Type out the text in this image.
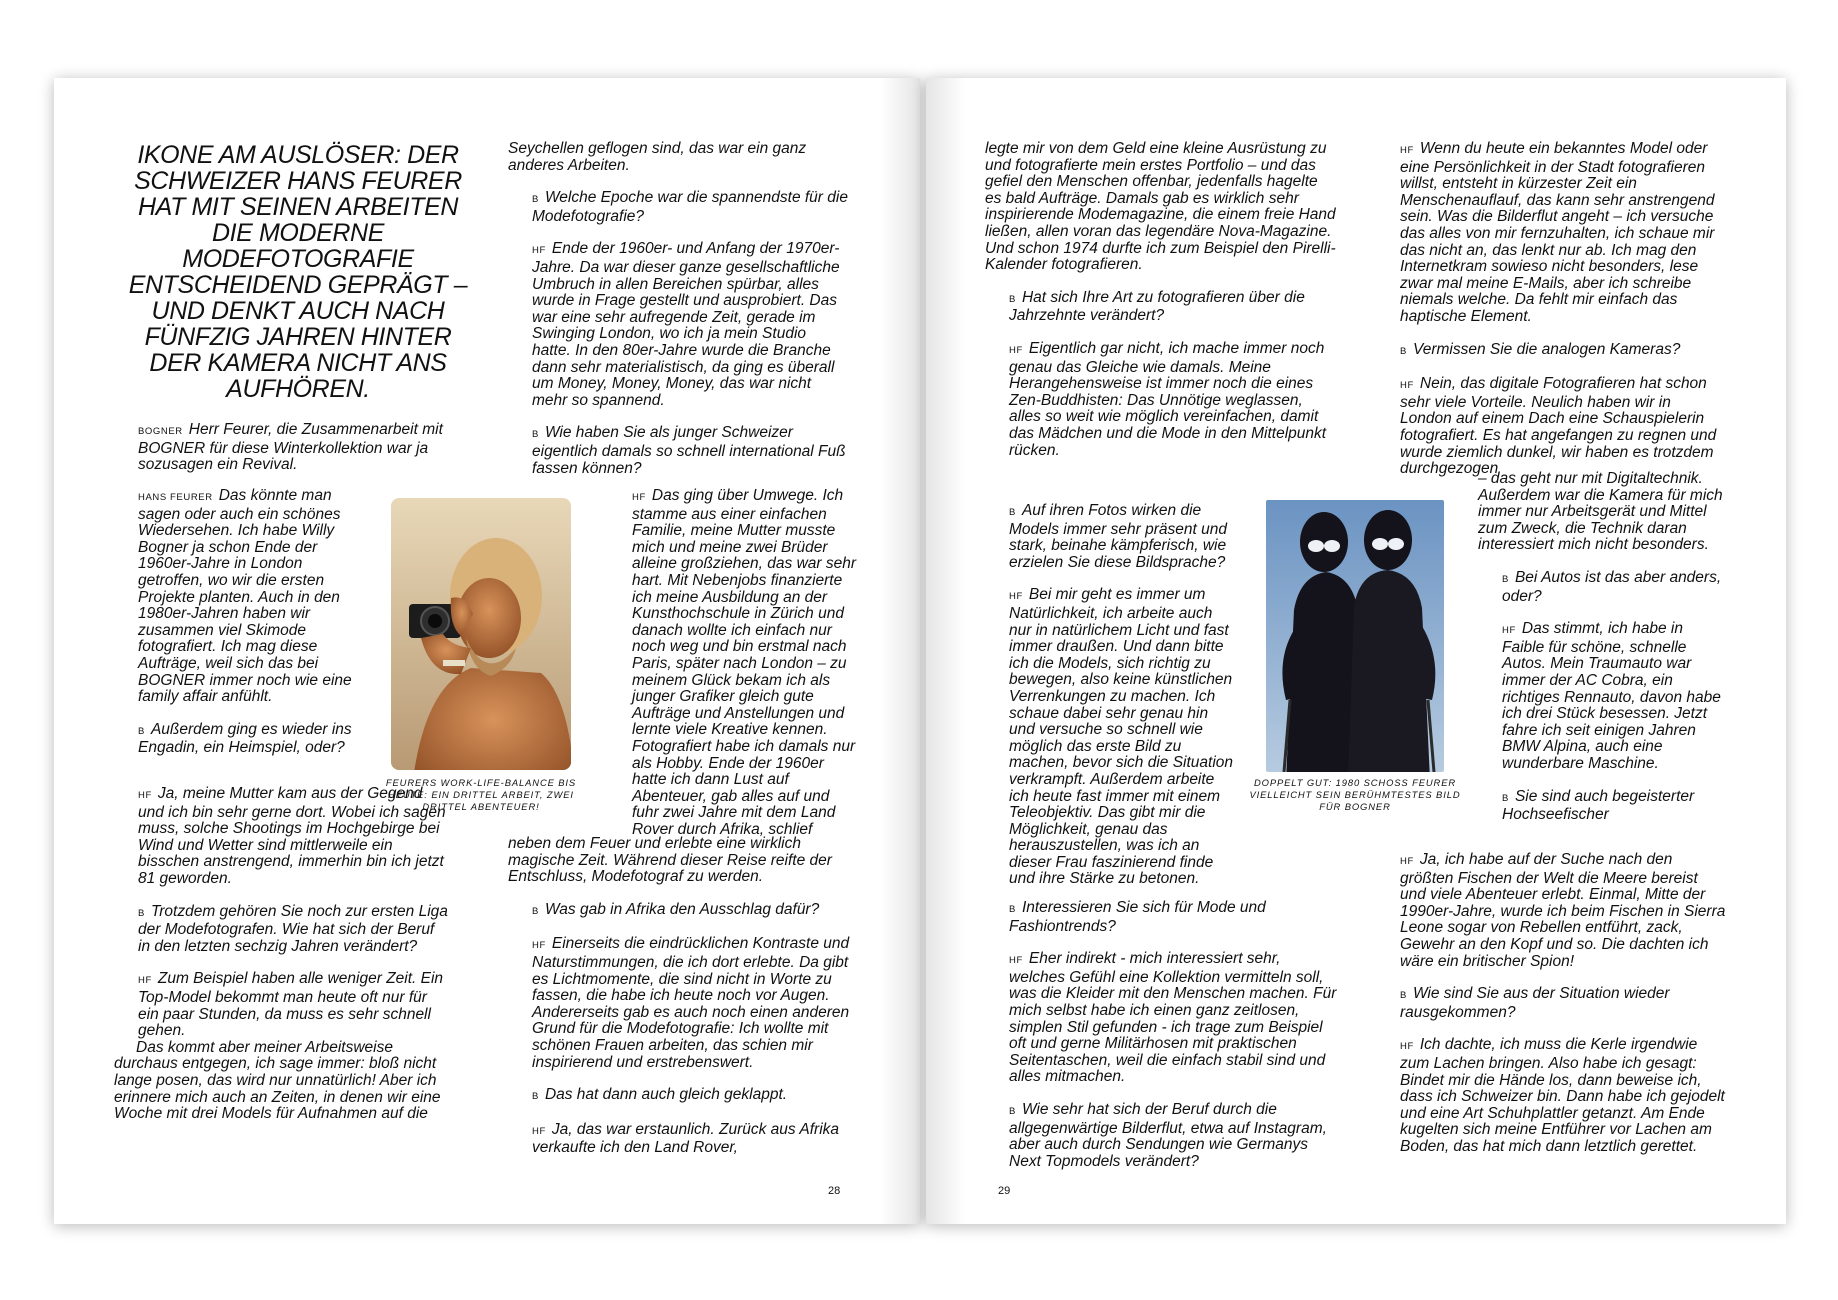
IKONE AM AUSLÖSER: DER SCHWEIZER HANS FEURER HAT MIT SEINEN ARBEITEN DIE MODERNE MODEFOTOGRAFIE ENTSCHEIDEND GEPRÄGT – UND DENKT AUCH NACH FÜNFZIG JAHREN HINTER DER KAMERA NICHT ANS AUFHÖREN.

BOGNER Herr Feurer, die Zusammenarbeit mit BOGNER für diese Winterkollektion war ja sozusagen ein Revival.

HANS FEURER Das könnte man sagen oder auch ein schönes Wiedersehen. Ich habe Willy Bogner ja schon Ende der 1960er-Jahre in London getroffen, wo wir die ersten Projekte planten. Auch in den 1980er-Jahren haben wir zusammen viel Skimode fotografiert. Ich mag diese Aufträge, weil sich das bei BOGNER immer noch wie eine family affair anfühlt.

B Außerdem ging es wieder ins Engadin, ein Heimspiel, oder?

HF Ja, meine Mutter kam aus der Gegend und ich bin sehr gerne dort. Wobei ich sagen muss, solche Shootings im Hochgebirge bei Wind und Wetter sind mittlerweile ein bisschen anstrengend, immerhin bin ich jetzt 81 geworden.

B Trotzdem gehören Sie noch zur ersten Liga der Modefotografen. Wie hat sich der Beruf in den letzten sechzig Jahren verändert?

HF Zum Beispiel haben alle weniger Zeit. Ein Top-Model bekommt man heute oft nur für ein paar Stunden, da muss es sehr schnell gehen.

Das kommt aber meiner Arbeitsweise durchaus entgegen, ich sage immer: bloß nicht lange posen, das wird nur unnatürlich! Aber ich erinnere mich auch an Zeiten, in denen wir eine Woche mit drei Models für Aufnahmen auf die

FEURERS WORK-LIFE-BALANCE BIS HEUTE: EIN DRITTEL ARBEIT, ZWEI DRITTEL ABENTEUER!

Seychellen geflogen sind, das war ein ganz anderes Arbeiten.

B Welche Epoche war die spannendste für die Modefotografie?

HF Ende der 1960er- und Anfang der 1970er-Jahre. Da war dieser ganze gesellschaftliche Umbruch in allen Bereichen spürbar, alles wurde in Frage gestellt und ausprobiert. Das war eine sehr aufregende Zeit, gerade im Swinging London, wo ich ja mein Studio hatte. In den 80er-Jahre wurde die Branche dann sehr materialistisch, da ging es überall um Money, Money, Money, das war nicht mehr so spannend.

B Wie haben Sie als junger Schweizer eigentlich damals so schnell international Fuß fassen können?

HF Das ging über Umwege. Ich stamme aus einer einfachen Familie, meine Mutter musste mich und meine zwei Brüder alleine großziehen, das war sehr hart. Mit Nebenjobs finanzierte ich meine Ausbildung an der Kunsthochschule in Zürich und danach wollte ich einfach nur noch weg und bin erstmal nach Paris, später nach London – zu meinem Glück bekam ich als junger Grafiker gleich gute Aufträge und Anstellungen und lernte viele Kreative kennen. Fotografiert habe ich damals nur als Hobby. Ende der 1960er hatte ich dann Lust auf Abenteuer, gab alles auf und fuhr zwei Jahre mit dem Land Rover durch Afrika, schlief

neben dem Feuer und erlebte eine wirklich magische Zeit. Während dieser Reise reifte der Entschluss, Modefotograf zu werden.

B Was gab in Afrika den Ausschlag dafür?

HF Einerseits die eindrücklichen Kontraste und Naturstimmungen, die ich dort erlebte. Da gibt es Lichtmomente, die sind nicht in Worte zu fassen, die habe ich heute noch vor Augen. Andererseits gab es auch noch einen anderen Grund für die Modefotografie: Ich wollte mit schönen Frauen arbeiten, das schien mir inspirierend und erstrebenswert.

B Das hat dann auch gleich geklappt.

HF Ja, das war erstaunlich. Zurück aus Afrika verkaufte ich den Land Rover,

28

legte mir von dem Geld eine kleine Ausrüstung zu und fotografierte mein erstes Portfolio – und das gefiel den Menschen offenbar, jedenfalls hagelte es bald Aufträge. Damals gab es wirklich sehr inspirierende Modemagazine, die einem freie Hand ließen, allen voran das legendäre Nova-Magazine. Und schon 1974 durfte ich zum Beispiel den Pirelli-Kalender fotografieren.

B Hat sich Ihre Art zu fotografieren über die Jahrzehnte verändert?

HF Eigentlich gar nicht, ich mache immer noch genau das Gleiche wie damals. Meine Herangehensweise ist immer noch die eines Zen-Buddhisten: Das Unnötige weglassen, alles so weit wie möglich vereinfachen, damit das Mädchen und die Mode in den Mittelpunkt rücken.

B Auf ihren Fotos wirken die Models immer sehr präsent und stark, beinahe kämpferisch, wie erzielen Sie diese Bildsprache?

HF Bei mir geht es immer um Natürlichkeit, ich arbeite auch nur in natürlichem Licht und fast immer draußen. Und dann bitte ich die Models, sich richtig zu bewegen, also keine künstlichen Verrenkungen zu machen. Ich schaue dabei sehr genau hin und versuche so schnell wie möglich das erste Bild zu machen, bevor sich die Situation verkrampft. Außerdem arbeite ich heute fast immer mit einem Teleobjektiv. Das gibt mir die Möglichkeit, genau das herauszustellen, was ich an dieser Frau faszinierend finde und ihre Stärke zu betonen.

B Interessieren Sie sich für Mode und Fashiontrends?

HF Eher indirekt - mich interessiert sehr, welches Gefühl eine Kollektion vermitteln soll, was die Kleider mit den Menschen machen. Für mich selbst habe ich einen ganz zeitlosen, simplen Stil gefunden - ich trage zum Beispiel oft und gerne Militärhosen mit praktischen Seitentaschen, weil die einfach stabil sind und alles mitmachen.

B Wie sehr hat sich der Beruf durch die allgegenwärtige Bilderflut, etwa auf Instagram, aber auch durch Sendungen wie Germanys Next Topmodels verändert?

DOPPELT GUT: 1980 SCHOSS FEURER VIELLEICHT SEIN BERÜHMTESTES BILD FÜR BOGNER

HF Wenn du heute ein bekanntes Model oder eine Persönlichkeit in der Stadt fotografieren willst, entsteht in kürzester Zeit ein Menschenauflauf, das kann sehr anstrengend sein. Was die Bilderflut angeht – ich versuche das alles von mir fernzuhalten, ich schaue mir das nicht an, das lenkt nur ab. Ich mag den Internetkram sowieso nicht besonders, lese zwar mal meine E-Mails, aber ich schreibe niemals welche. Da fehlt mir einfach das haptische Element.

B Vermissen Sie die analogen Kameras?

HF Nein, das digitale Fotografieren hat schon sehr viele Vorteile. Neulich haben wir in London auf einem Dach eine Schauspielerin fotografiert. Es hat angefangen zu regnen und wurde ziemlich dunkel, wir haben es trotzdem durchgezogen

– das geht nur mit Digitaltechnik. Außerdem war die Kamera für mich immer nur Arbeitsgerät und Mittel zum Zweck, die Technik daran interessiert mich nicht besonders.

B Bei Autos ist das aber anders, oder?

HF Das stimmt, ich habe in Faible für schöne, schnelle Autos. Mein Traumauto war immer der AC Cobra, ein richtiges Rennauto, davon habe ich drei Stück besessen. Jetzt fahre ich seit einigen Jahren BMW Alpina, auch eine wunderbare Maschine.

B Sie sind auch begeisterter Hochseefischer

HF Ja, ich habe auf der Suche nach den größten Fischen der Welt die Meere bereist und viele Abenteuer erlebt. Einmal, Mitte der 1990er-Jahre, wurde ich beim Fischen in Sierra Leone sogar von Rebellen entführt, zack, Gewehr an den Kopf und so. Die dachten ich wäre ein britischer Spion!

B Wie sind Sie aus der Situation wieder rausgekommen?

HF Ich dachte, ich muss die Kerle irgendwie zum Lachen bringen. Also habe ich gesagt: Bindet mir die Hände los, dann beweise ich, dass ich Schweizer bin. Dann habe ich gejodelt und eine Art Schuhplattler getanzt. Am Ende kugelten sich meine Entführer vor Lachen am Boden, das hat mich dann letztlich gerettet.

29
